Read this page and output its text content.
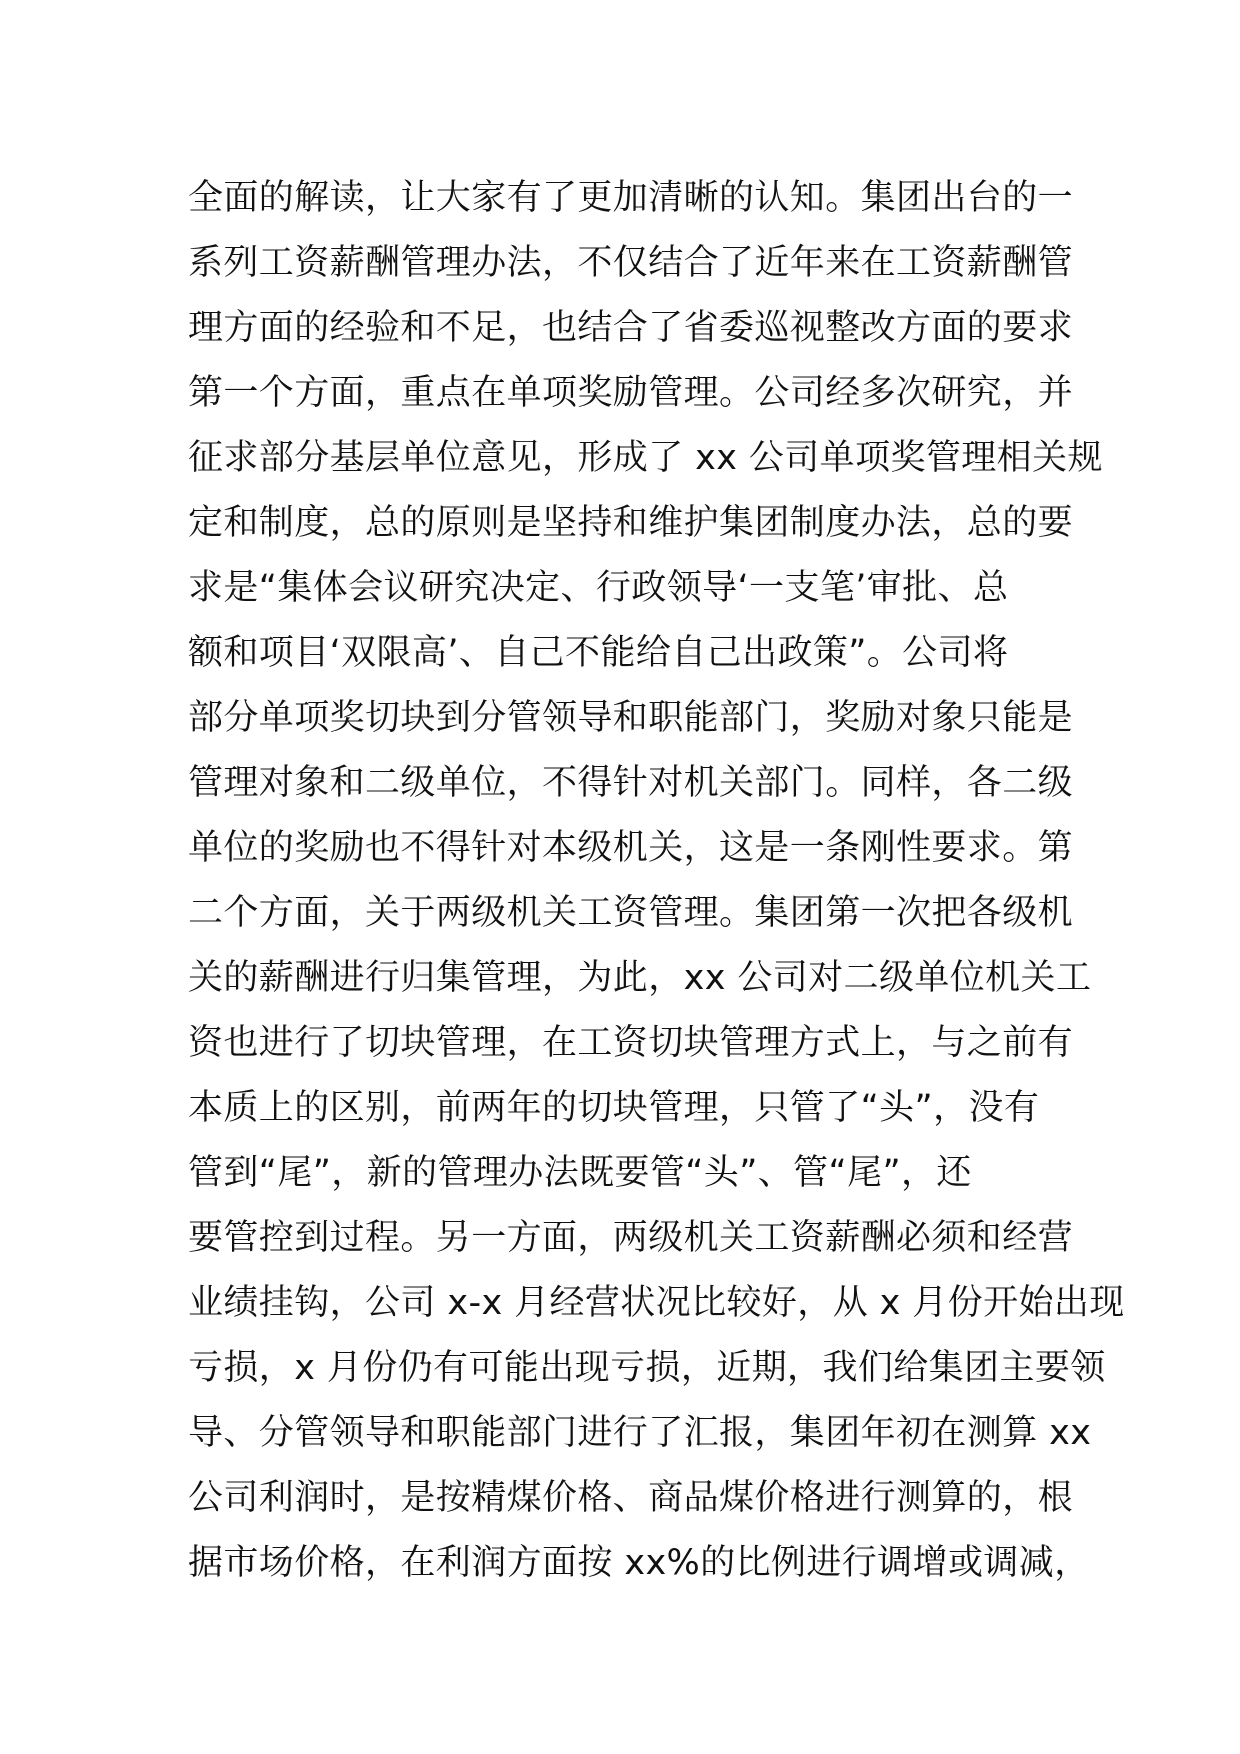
全面的解读，让大家有了更加清晰的认知。集团出台的一
系列工资薪酬管理办法，不仅结合了近年来在工资薪酬管
理方面的经验和不足，也结合了省委巡视整改方面的要求
第一个方面，重点在单项奖励管理。公司经多次研究，并
征求部分基层单位意见，形成了 xx 公司单项奖管理相关规
定和制度，总的原则是坚持和维护集团制度办法，总的要
求是“集体会议研究决定、行政领导‘一支笔’审批、总
额和项目‘双限高’、自己不能给自己出政策”。公司将
部分单项奖切块到分管领导和职能部门，奖励对象只能是
管理对象和二级单位，不得针对机关部门。同样，各二级
单位的奖励也不得针对本级机关，这是一条刚性要求。第
二个方面，关于两级机关工资管理。集团第一次把各级机
关的薪酬进行归集管理，为此，xx 公司对二级单位机关工
资也进行了切块管理，在工资切块管理方式上，与之前有
本质上的区别，前两年的切块管理，只管了“头”，没有
管到“尾”，新的管理办法既要管“头”、管“尾”，还
要管控到过程。另一方面，两级机关工资薪酬必须和经营
业绩挂钩，公司 x-x 月经营状况比较好，从 x 月份开始出现
亏损，x 月份仍有可能出现亏损，近期，我们给集团主要领
导、分管领导和职能部门进行了汇报，集团年初在测算 xx
公司利润时，是按精煤价格、商品煤价格进行测算的，根
据市场价格，在利润方面按 xx%的比例进行调增或调减，
